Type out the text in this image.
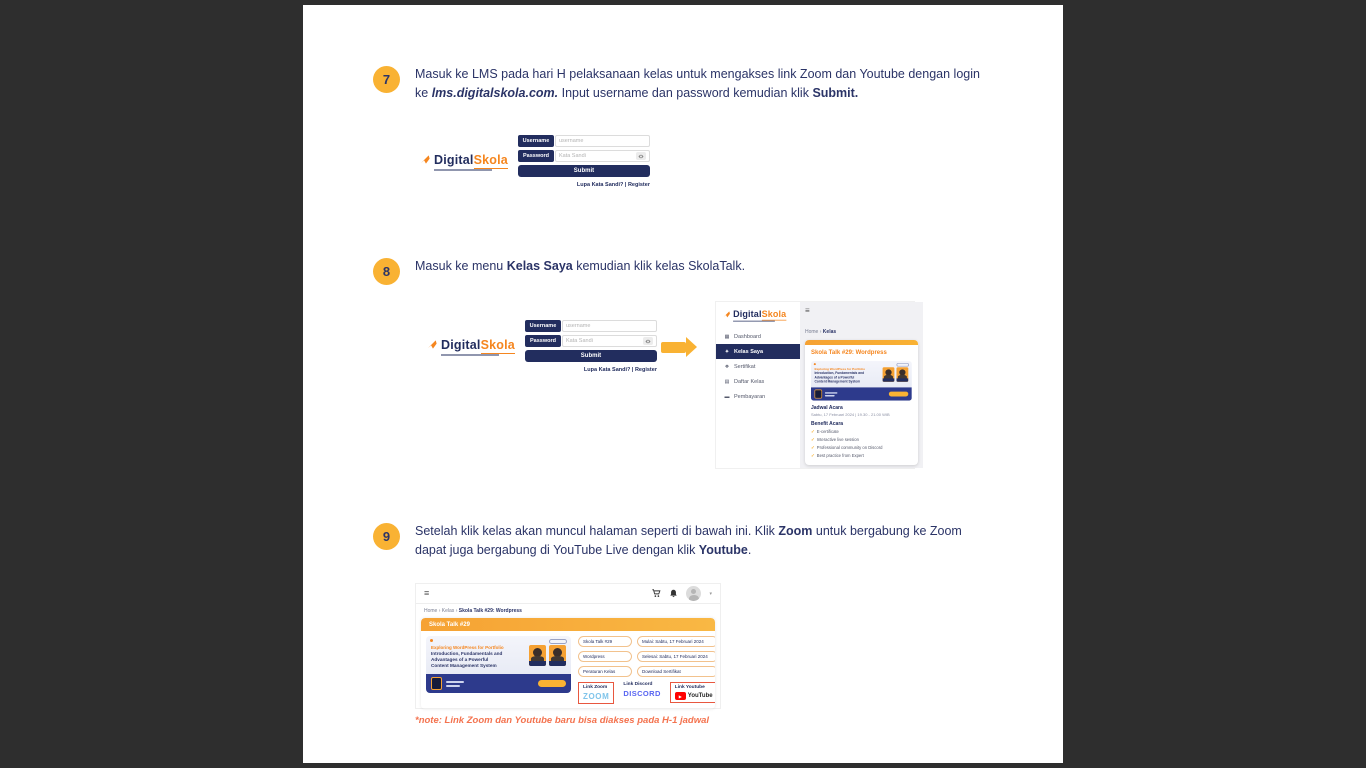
7	Masuk ke LMS pada hari H pelaksanaan kelas untuk mengakses link Zoom dan Youtube dengan login ke lms.digitalskola.com. Input username dan password kemudian klik Submit.
DigitalSkola
Username	username
Password	Kata Sandi
Submit
Lupa Kata Sandi? | Register
8	Masuk ke menu Kelas Saya kemudian klik kelas SkolaTalk.
DigitalSkola
Username	username
Password	Kata Sandi
Submit
Lupa Kata Sandi? | Register
DigitalSkola
▦ Dashboard
✦ Kelas Saya
❖ Sertifikat
▤ Daftar Kelas
▬ Pembayaran
≡
Home › Kelas
Skola Talk #29: Wordpress
Exploring WordPress for Portfolio
Introduction, Fundamentals and Advantages of a Powerful Content Management System
Jadwal Acara
Sabtu, 17 Februari 2024 | 19.30 - 21.00 WIB
Benefit Acara
✓ E-certificate
✓ Interactive live session
✓ Professional community on Discord
✓ Best practice from Expert
9	Setelah klik kelas akan muncul halaman seperti di bawah ini. Klik Zoom untuk bergabung ke Zoom dapat juga bergabung di YouTube Live dengan klik Youtube.
≡	▾
Home › Kelas › Skola Talk #29: Wordpress
Skola Talk #29
Exploring WordPress for Portfolio
Introduction, Fundamentals and Advantages of a Powerful Content Management System
Skola Talk #29	Mulai: Sabtu, 17 Februari 2024
Wordpress	Selesai: Sabtu, 17 Februari 2024
Peraturan Kelas	Download Sertifikat
Link Zoom
ZOOM
Link Discord
DISCORD
Link Youtube
▶ YouTube
*note: Link Zoom dan Youtube baru bisa diakses pada H-1 jadwal
